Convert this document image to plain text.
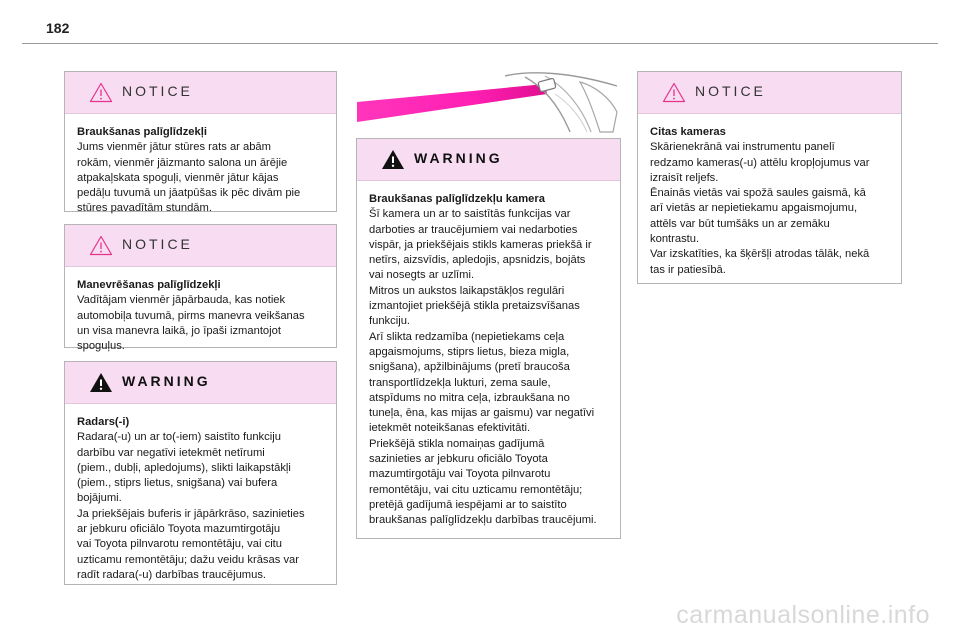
182
NOTICE
Braukšanas palīglīdzekļi
Jums vienmēr jātur stūres rats ar abām
rokām, vienmēr jāizmanto salona un ārējie
atpakaļskata spoguļi, vienmēr jātur kājas
pedāļu tuvumā un jāatpūšas ik pēc divām pie
stūres pavadītām stundām.
NOTICE
Manevrēšanas palīglīdzekļi
Vadītājam vienmēr jāpārbauda, kas notiek
automobiļa tuvumā, pirms manevra veikšanas
un visa manevra laikā, jo īpaši izmantojot
spoguļus.
WARNING
Radars(-i)
Radara(-u) un ar to(-iem) saistīto funkciju
darbību var negatīvi ietekmēt netīrumi
(piem., dubļi, apledojums), slikti laikapstākļi
(piem., stiprs lietus, snigšana) vai bufera
bojājumi.
Ja priekšējais buferis ir jāpārkrāso, sazinieties
ar jebkuru oficiālo Toyota mazumtirgotāju
vai Toyota pilnvarotu remontētāju, vai citu
uzticamu remontētāju; dažu veidu krāsas var
radīt radara(-u) darbības traucējumus.
WARNING
Braukšanas palīglīdzekļu kamera
Šī kamera un ar to saistītās funkcijas var
darboties ar traucējumiem vai nedarboties
vispār, ja priekšējais stikls kameras priekšā ir
netīrs, aizsvīdis, apledojis, apsnidzis, bojāts
vai nosegts ar uzlīmi.
Mitros un aukstos laikapstākļos regulāri
izmantojiet priekšējā stikla pretaizsvīšanas
funkciju.
Arī slikta redzamība (nepietiekams ceļa
apgaismojums, stiprs lietus, bieza migla,
snigšana), apžilbinājums (pretī braucoša
transportlīdzekļa lukturi, zema saule,
atspīdums no mitra ceļa, izbraukšana no
tuneļa, ēna, kas mijas ar gaismu) var negatīvi
ietekmēt noteikšanas efektivitāti.
Priekšējā stikla nomaiņas gadījumā
sazinieties ar jebkuru oficiālo Toyota
mazumtirgotāju vai Toyota pilnvarotu
remontētāju, vai citu uzticamu remontētāju;
pretējā gadījumā iespējami ar to saistīto
braukšanas palīglīdzekļu darbības traucējumi.
NOTICE
Citas kameras
Skārienekrānā vai instrumentu panelī
redzamo kameras(-u) attēlu kropļojumus var
izraisīt reljefs.
Ēnainās vietās vai spožā saules gaismā, kā
arī vietās ar nepietiekamu apgaismojumu,
attēls var būt tumšāks un ar zemāku
kontrastu.
Var izskatīties, ka šķēršļi atrodas tālāk, nekā
tas ir patiesībā.
carmanualsonline.info
